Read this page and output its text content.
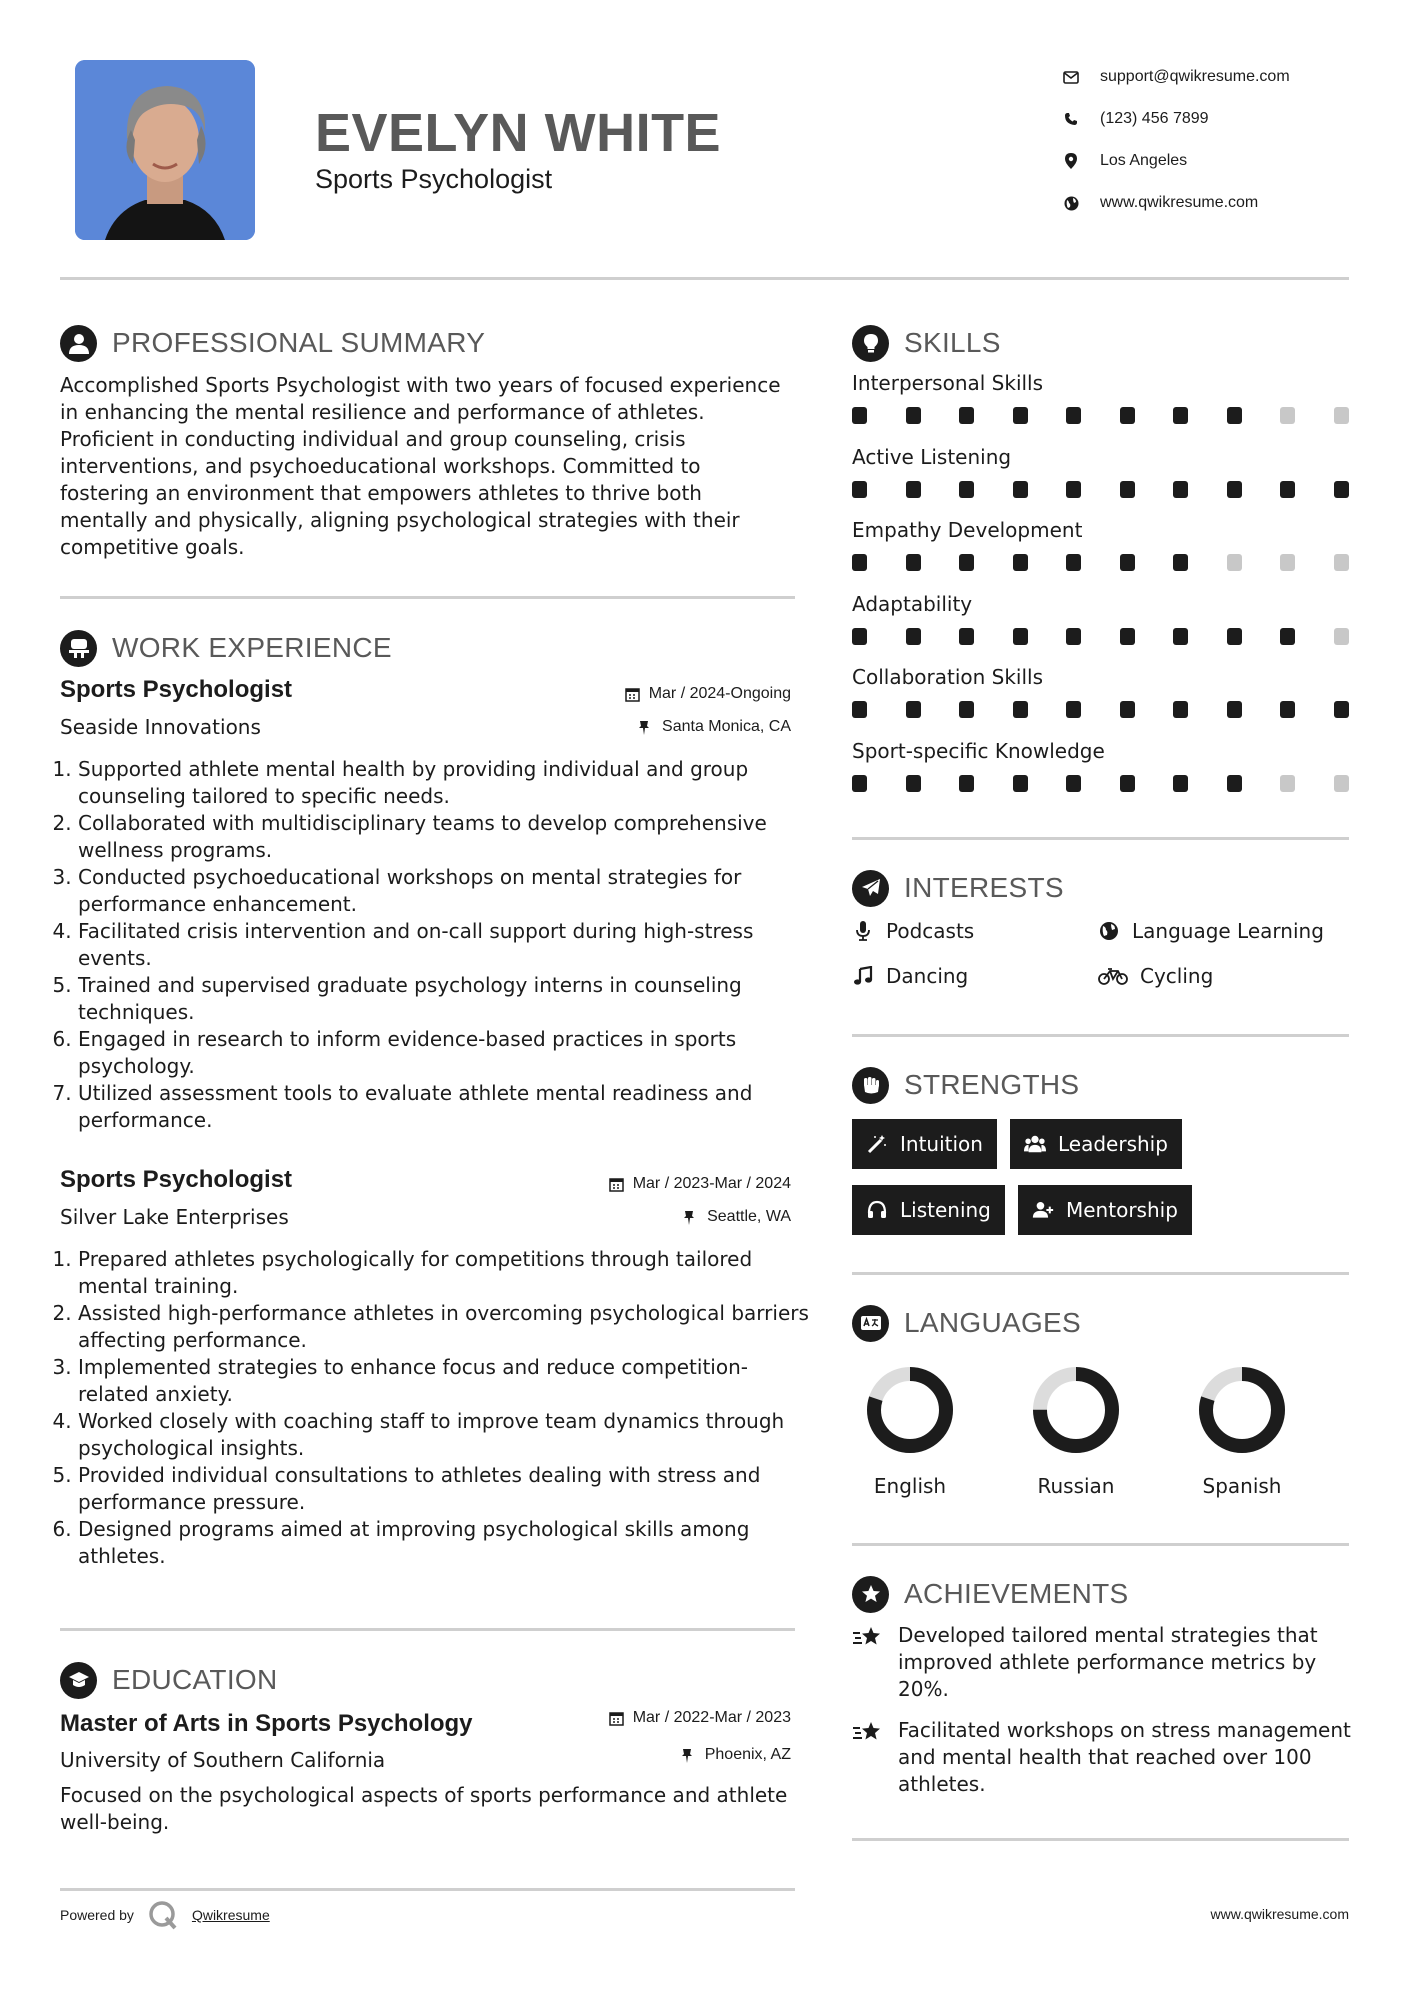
EVELYN WHITE
Sports Psychologist
support@qwikresume.com
(123) 456 7899
Los Angeles
www.qwikresume.com
PROFESSIONAL SUMMARY

Accomplished Sports Psychologist with two years of focused experience in enhancing the mental resilience and performance of athletes. Proficient in conducting individual and group counseling, crisis interventions, and psychoeducational workshops. Committed to fostering an environment that empowers athletes to thrive both mentally and physically, aligning psychological strategies with their competitive goals.

WORK EXPERIENCE
Sports Psychologist	Mar / 2024-Ongoing
Seaside Innovations	Santa Monica, CA
1. Supported athlete mental health by providing individual and group counseling tailored to specific needs.
2. Collaborated with multidisciplinary teams to develop comprehensive wellness programs.
3. Conducted psychoeducational workshops on mental strategies for performance enhancement.
4. Facilitated crisis intervention and on-call support during high-stress events.
5. Trained and supervised graduate psychology interns in counseling techniques.
6. Engaged in research to inform evidence-based practices in sports psychology.
7. Utilized assessment tools to evaluate athlete mental readiness and performance.
Sports Psychologist	Mar / 2023-Mar / 2024
Silver Lake Enterprises	Seattle, WA
1. Prepared athletes psychologically for competitions through tailored mental training.
2. Assisted high-performance athletes in overcoming psychological barriers affecting performance.
3. Implemented strategies to enhance focus and reduce competition-related anxiety.
4. Worked closely with coaching staff to improve team dynamics through psychological insights.
5. Provided individual consultations to athletes dealing with stress and performance pressure.
6. Designed programs aimed at improving psychological skills among athletes.
EDUCATION
Master of Arts in Sports Psychology	Mar / 2022-Mar / 2023
University of Southern California	Phoenix, AZ

Focused on the psychological aspects of sports performance and athlete well-being.

SKILLS
Interpersonal Skills
Active Listening
Empathy Development
Adaptability
Collaboration Skills
Sport-specific Knowledge
INTERESTS
Podcasts	Language Learning
Dancing	Cycling
STRENGTHS
Intuition	Leadership
Listening	Mentorship
LANGUAGES
English	Russian	Spanish
ACHIEVEMENTS
Developed tailored mental strategies that improved athlete performance metrics by 20%.
Facilitated workshops on stress management and mental health that reached over 100 athletes.
Powered by	Qwikresume	www.qwikresume.com
